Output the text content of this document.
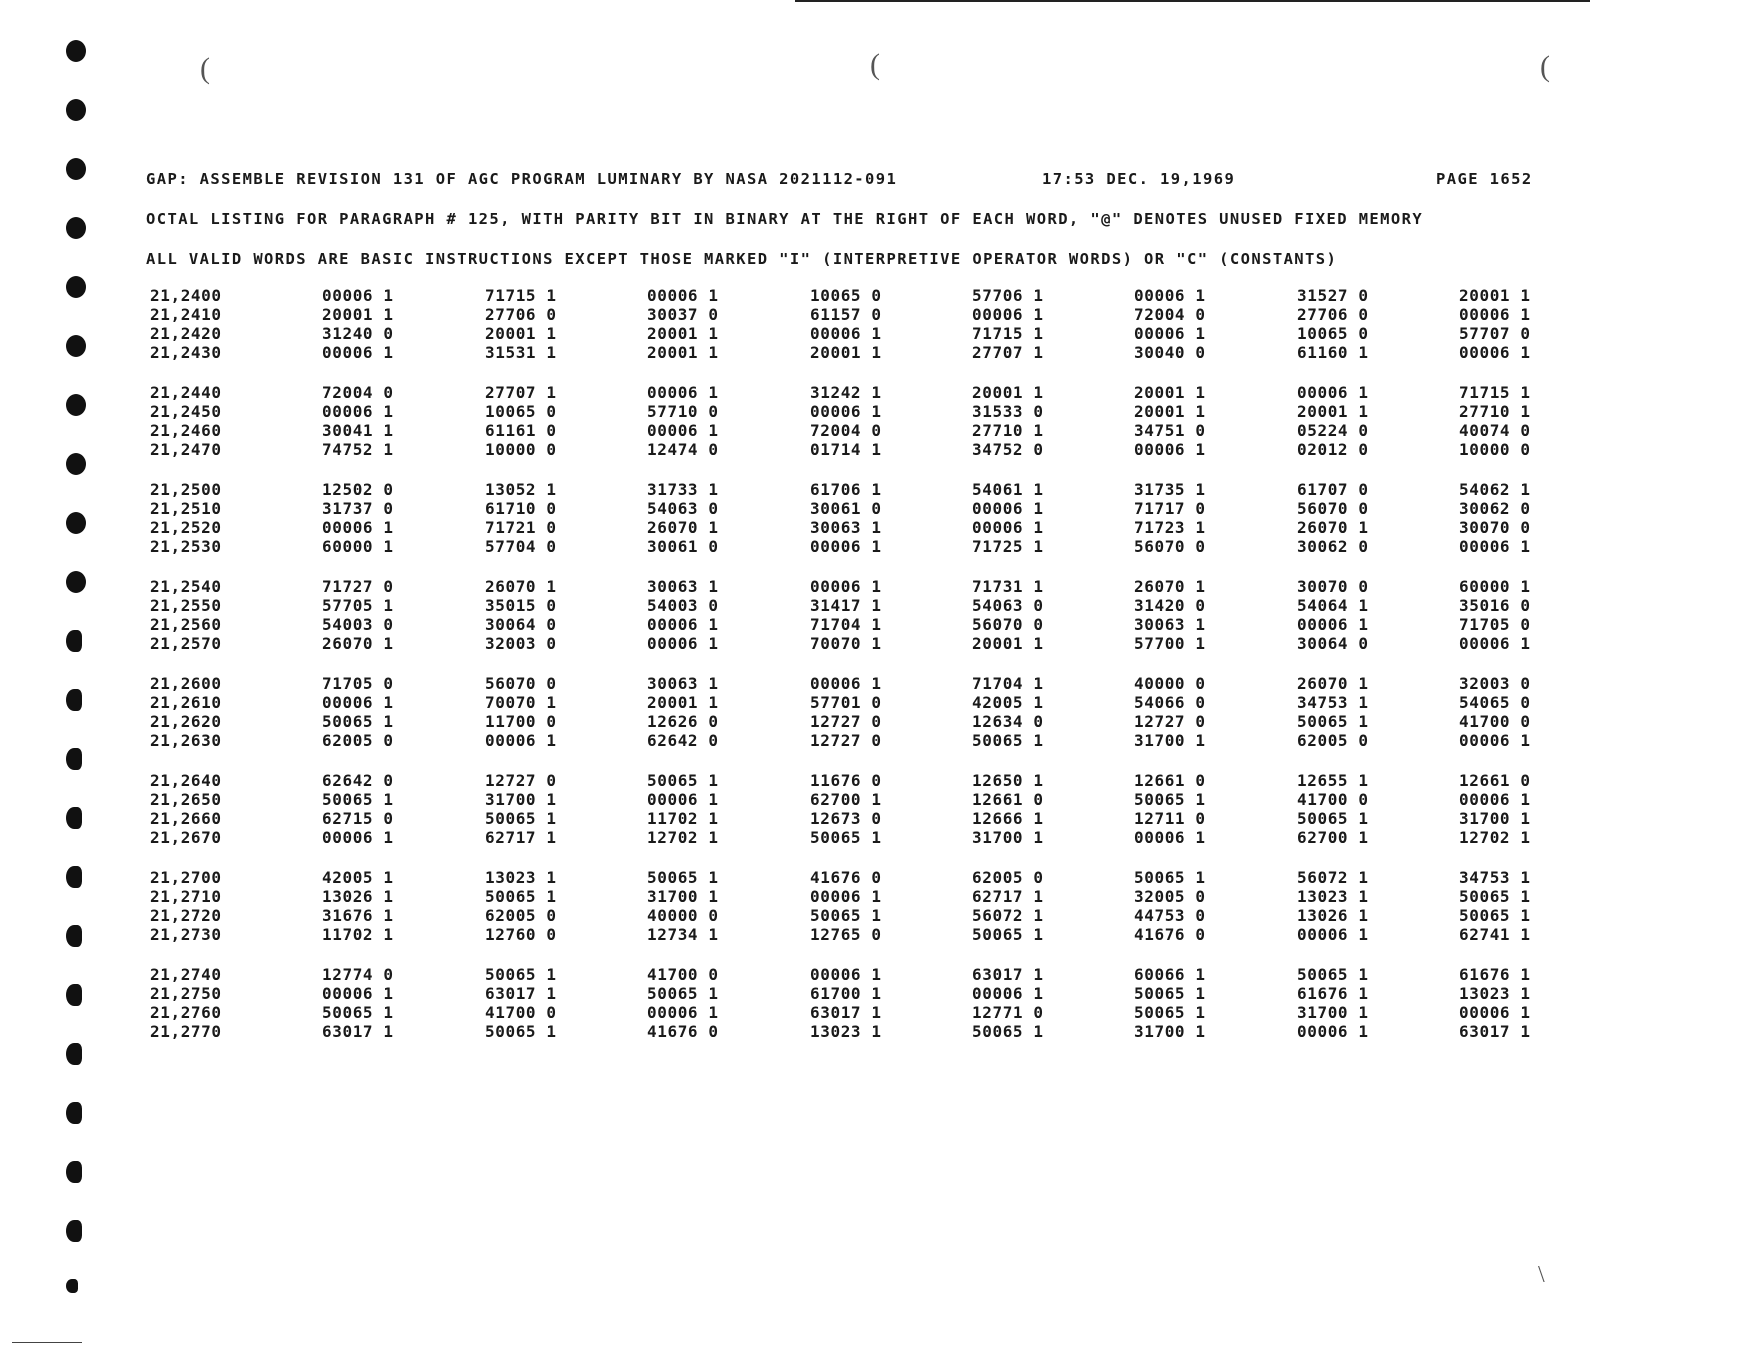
(	(	(
\
GAP: ASSEMBLE REVISION 131 OF AGC PROGRAM LUMINARY BY NASA 2021112-091	17:53 DEC. 19,1969	PAGE 1652
OCTAL LISTING FOR PARAGRAPH # 125, WITH PARITY BIT IN BINARY AT THE RIGHT OF EACH WORD, "@" DENOTES UNUSED FIXED MEMORY
ALL VALID WORDS ARE BASIC INSTRUCTIONS EXCEPT THOSE MARKED "I" (INTERPRETIVE OPERATOR WORDS) OR "C" (CONSTANTS)
21,2400	00006 1	71715 1	00006 1	10065 0	57706 1	00006 1	31527 0	20001 1
21,2410	20001 1	27706 0	30037 0	61157 0	00006 1	72004 0	27706 0	00006 1
21,2420	31240 0	20001 1	20001 1	00006 1	71715 1	00006 1	10065 0	57707 0
21,2430	00006 1	31531 1	20001 1	20001 1	27707 1	30040 0	61160 1	00006 1
21,2440	72004 0	27707 1	00006 1	31242 1	20001 1	20001 1	00006 1	71715 1
21,2450	00006 1	10065 0	57710 0	00006 1	31533 0	20001 1	20001 1	27710 1
21,2460	30041 1	61161 0	00006 1	72004 0	27710 1	34751 0	05224 0	40074 0
21,2470	74752 1	10000 0	12474 0	01714 1	34752 0	00006 1	02012 0	10000 0
21,2500	12502 0	13052 1	31733 1	61706 1	54061 1	31735 1	61707 0	54062 1
21,2510	31737 0	61710 0	54063 0	30061 0	00006 1	71717 0	56070 0	30062 0
21,2520	00006 1	71721 0	26070 1	30063 1	00006 1	71723 1	26070 1	30070 0
21,2530	60000 1	57704 0	30061 0	00006 1	71725 1	56070 0	30062 0	00006 1
21,2540	71727 0	26070 1	30063 1	00006 1	71731 1	26070 1	30070 0	60000 1
21,2550	57705 1	35015 0	54003 0	31417 1	54063 0	31420 0	54064 1	35016 0
21,2560	54003 0	30064 0	00006 1	71704 1	56070 0	30063 1	00006 1	71705 0
21,2570	26070 1	32003 0	00006 1	70070 1	20001 1	57700 1	30064 0	00006 1
21,2600	71705 0	56070 0	30063 1	00006 1	71704 1	40000 0	26070 1	32003 0
21,2610	00006 1	70070 1	20001 1	57701 0	42005 1	54066 0	34753 1	54065 0
21,2620	50065 1	11700 0	12626 0	12727 0	12634 0	12727 0	50065 1	41700 0
21,2630	62005 0	00006 1	62642 0	12727 0	50065 1	31700 1	62005 0	00006 1
21,2640	62642 0	12727 0	50065 1	11676 0	12650 1	12661 0	12655 1	12661 0
21,2650	50065 1	31700 1	00006 1	62700 1	12661 0	50065 1	41700 0	00006 1
21,2660	62715 0	50065 1	11702 1	12673 0	12666 1	12711 0	50065 1	31700 1
21,2670	00006 1	62717 1	12702 1	50065 1	31700 1	00006 1	62700 1	12702 1
21,2700	42005 1	13023 1	50065 1	41676 0	62005 0	50065 1	56072 1	34753 1
21,2710	13026 1	50065 1	31700 1	00006 1	62717 1	32005 0	13023 1	50065 1
21,2720	31676 1	62005 0	40000 0	50065 1	56072 1	44753 0	13026 1	50065 1
21,2730	11702 1	12760 0	12734 1	12765 0	50065 1	41676 0	00006 1	62741 1
21,2740	12774 0	50065 1	41700 0	00006 1	63017 1	60066 1	50065 1	61676 1
21,2750	00006 1	63017 1	50065 1	61700 1	00006 1	50065 1	61676 1	13023 1
21,2760	50065 1	41700 0	00006 1	63017 1	12771 0	50065 1	31700 1	00006 1
21,2770	63017 1	50065 1	41676 0	13023 1	50065 1	31700 1	00006 1	63017 1
